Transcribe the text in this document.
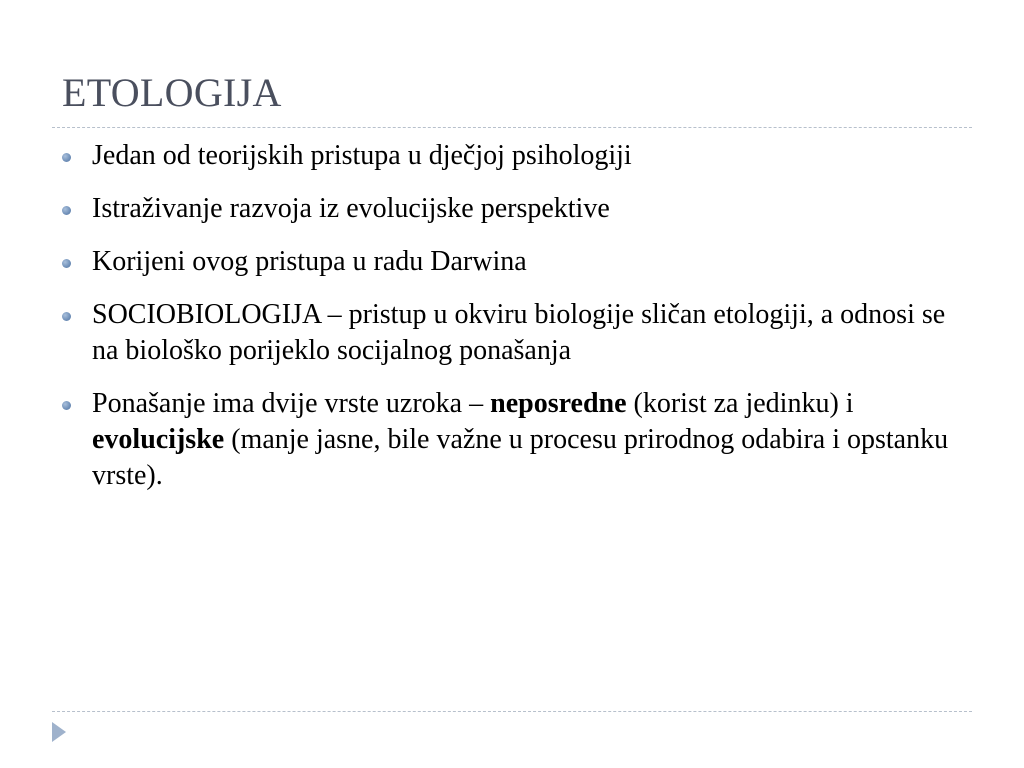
ETOLOGIJA
Jedan od teorijskih pristupa u dječjoj psihologiji
Istraživanje razvoja iz evolucijske perspektive
Korijeni ovog pristupa u radu Darwina
SOCIOBIOLOGIJA – pristup u okviru biologije sličan etologiji, a odnosi se na biološko porijeklo socijalnog ponašanja
Ponašanje ima dvije vrste uzroka – neposredne (korist za jedinku) i evolucijske (manje jasne, bile važne u procesu prirodnog odabira i opstanku vrste).
